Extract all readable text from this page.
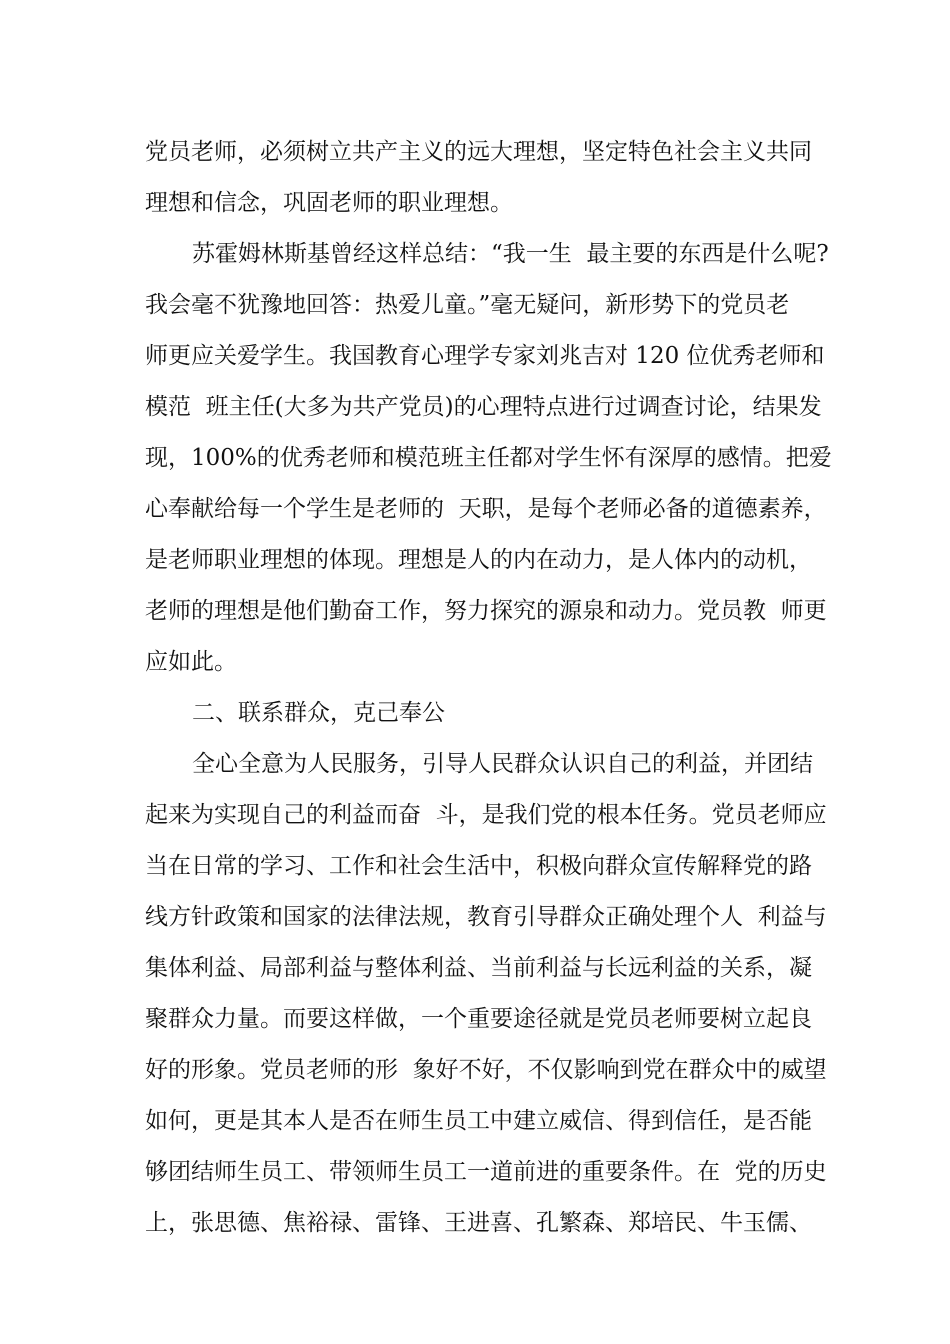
党员老师，必须树立共产主义的远大理想，坚定特色社会主义共同
理想和信念，巩固老师的职业理想。
苏霍姆林斯基曾经这样总结：“我一生  最主要的东西是什么呢?
我会毫不犹豫地回答：热爱儿童。”毫无疑问，新形势下的党员老
师更应关爱学生。我国教育心理学专家刘兆吉对 120 位优秀老师和
模范  班主任(大多为共产党员)的心理特点进行过调查讨论，结果发
现，100%的优秀老师和模范班主任都对学生怀有深厚的感情。把爱
心奉献给每一个学生是老师的  天职，是每个老师必备的道德素养，
是老师职业理想的体现。理想是人的内在动力，是人体内的动机，
老师的理想是他们勤奋工作，努力探究的源泉和动力。党员教  师更
应如此。
二、联系群众，克己奉公
全心全意为人民服务，引导人民群众认识自己的利益，并团结
起来为实现自己的利益而奋  斗，是我们党的根本任务。党员老师应
当在日常的学习、工作和社会生活中，积极向群众宣传解释党的路
线方针政策和国家的法律法规，教育引导群众正确处理个人  利益与
集体利益、局部利益与整体利益、当前利益与长远利益的关系，凝
聚群众力量。而要这样做，一个重要途径就是党员老师要树立起良
好的形象。党员老师的形  象好不好，不仅影响到党在群众中的威望
如何，更是其本人是否在师生员工中建立威信、得到信任，是否能
够团结师生员工、带领师生员工一道前进的重要条件。在  党的历史
上，张思德、焦裕禄、雷锋、王进喜、孔繁森、郑培民、牛玉儒、
